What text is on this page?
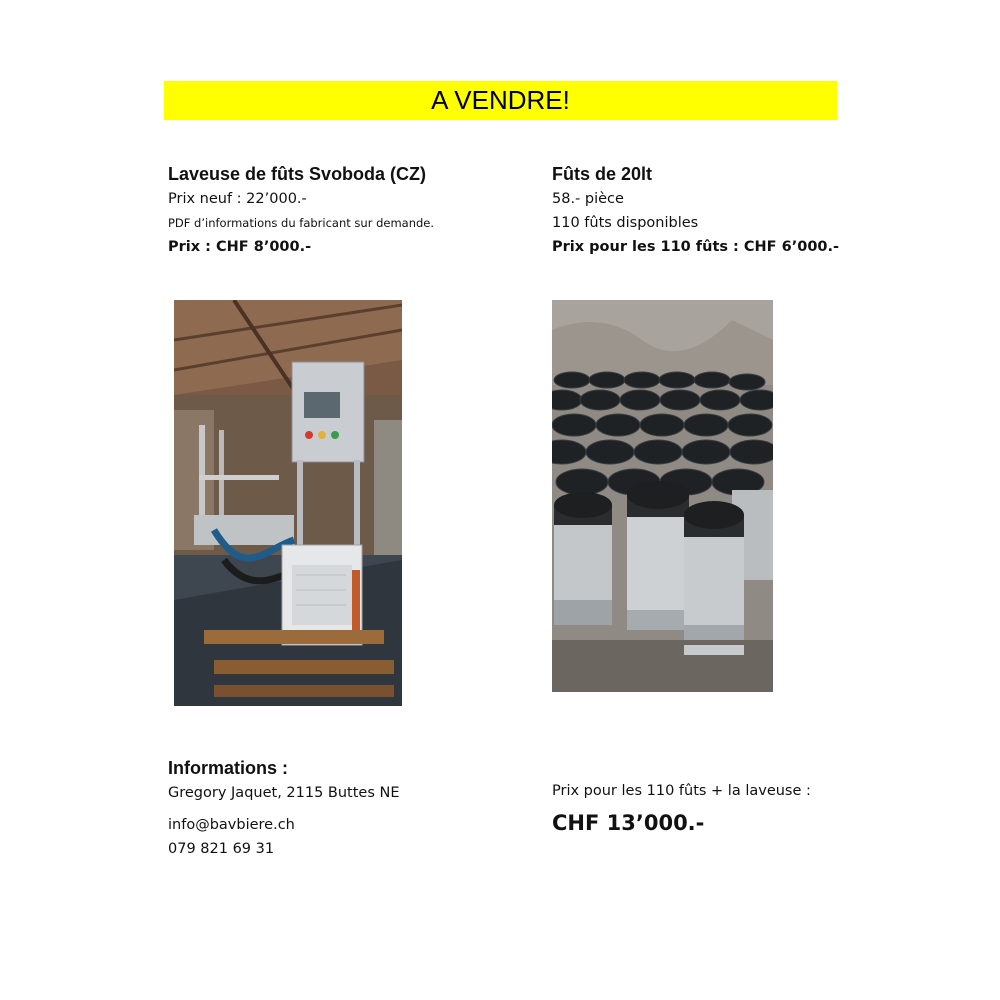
A VENDRE!
Laveuse de fûts Svoboda (CZ)
Prix neuf : 22’000.-
PDF d’informations du fabricant sur demande.
Prix : CHF 8’000.-
Fûts de 20lt
58.- pièce
110 fûts disponibles
Prix pour les 110 fûts : CHF 6’000.-
Informations :
Gregory Jaquet, 2115 Buttes NE
info@bavbiere.ch
079 821 69 31
Prix pour les 110 fûts + la laveuse :
CHF 13’000.-
